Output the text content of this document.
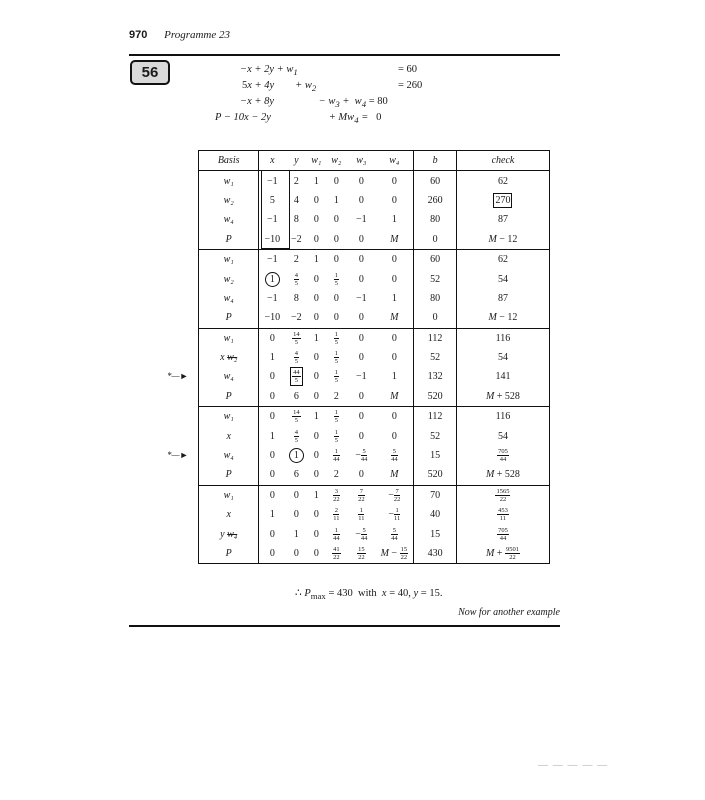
970 Programme 23
56	$-x + 2y + w_1$	= 60
5x + 4y        + $w_2$	= 260
−x + 8y                 − $w_3 + w_4 = 80$
P − 10x − 2y                      + $Mw_4 = 0$
Basis	x	y	w₁	w₂	w₃	w₄	b	check
w₁	−1	2	1	0	0	0	60	62
w₂	5	4	0	1	0	0	260	270
w₄	−1	8	0	0	−1	1	80	87
P	−10	−2	0	0	0	M	0	M − 12
w₁	−1	2	1	0	0	0	60	62
w₂	1	$\frac{4}{5}$	0	$\frac{1}{5}$	0	0	52	54
w₄	−1	8	0	0	−1	1	80	87
P	−10	−2	0	0	0	M	0	M − 12
w₁	0	$\frac{14}{5}$	1	$\frac{1}{5}$	0	0	112	116
x w₂	1	$\frac{4}{5}$	0	$\frac{1}{5}$	0	0	52	54

*—► w₄	0	$\frac{44}{5}$	0	$\frac{1}{5}$	−1	1	132	141
P	0	6	0	2	0	M	520	M + 528
w₁	0	$\frac{14}{5}$	1	$\frac{1}{5}$	0	0	112	116
x	1	$\frac{4}{5}$	0	$\frac{1}{5}$	0	0	52	54

*—► w₄	0	1	0	$\frac{1}{44}$	− $\frac{5}{44}$	$\frac{5}{44}$	15	$\frac{705}{44}$

P	0	6	0	2	0	M	520	M + 528
w₁	0	0	1	$\frac{3}{22}$	$\frac{7}{22}$	− $\frac{7}{22}$	70	$\frac{1565}{22}$

x	1	0	0	$\frac{2}{11}$	$\frac{1}{11}$	− $\frac{1}{11}$	40	$\frac{453}{11}$

y w₄	0	1	0	$\frac{1}{44}$	− $\frac{5}{44}$	$\frac{5}{44}$	15	$\frac{705}{44}$

P	0	0	0	$\frac{41}{22}$	$\frac{15}{22}$	$M - \frac{15}{22}$	430	$M + \frac{9501}{22}$
∴ $P_{max} = 430$  with  x = 40, y = 15.
Now for another example
— — — — —
